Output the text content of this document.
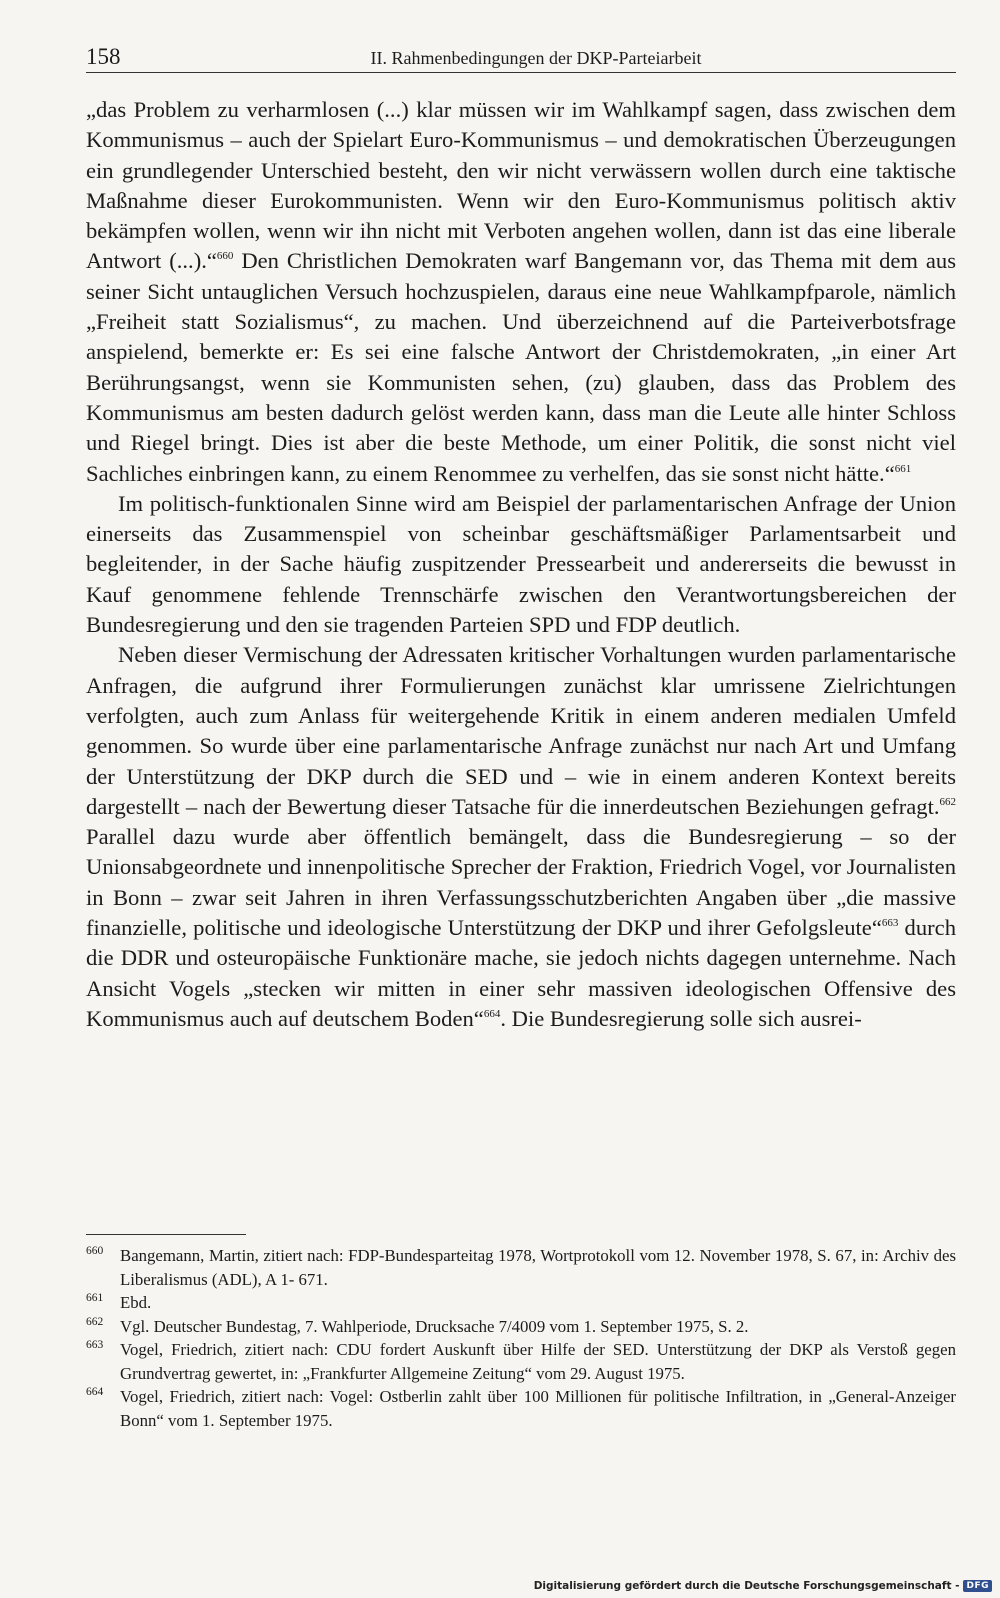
158	II. Rahmenbedingungen der DKP-Parteiarbeit

„das Problem zu verharmlosen (...) klar müssen wir im Wahlkampf sagen, dass zwischen dem Kommunismus – auch der Spielart Euro-Kommunismus – und demokratischen Überzeugungen ein grundlegender Unterschied besteht, den wir nicht verwässern wollen durch eine taktische Maßnahme dieser Eurokommunisten. Wenn wir den Euro-Kommunismus politisch aktiv bekämpfen wollen, wenn wir ihn nicht mit Verboten angehen wollen, dann ist das eine liberale Antwort (...).“$^{660}$ Den Christlichen Demokraten warf Bangemann vor, das Thema mit dem aus seiner Sicht untauglichen Versuch hochzuspielen, daraus eine neue Wahlkampfparole, nämlich „Freiheit statt Sozialismus“, zu machen. Und überzeichnend auf die Parteiverbotsfrage anspielend, bemerkte er: Es sei eine falsche Antwort der Christdemokraten, „in einer Art Berührungsangst, wenn sie Kommunisten sehen, (zu) glauben, dass das Problem des Kommunismus am besten dadurch gelöst werden kann, dass man die Leute alle hinter Schloss und Riegel bringt. Dies ist aber die beste Methode, um einer Politik, die sonst nicht viel Sachliches einbringen kann, zu einem Renommee zu verhelfen, das sie sonst nicht hätte.“$^{661}$

Im politisch-funktionalen Sinne wird am Beispiel der parlamentarischen Anfrage der Union einerseits das Zusammenspiel von scheinbar geschäftsmäßiger Parlamentsarbeit und begleitender, in der Sache häufig zuspitzender Pressearbeit und andererseits die bewusst in Kauf genommene fehlende Trennschärfe zwischen den Verantwortungsbereichen der Bundesregierung und den sie tragenden Parteien SPD und FDP deutlich.

Neben dieser Vermischung der Adressaten kritischer Vorhaltungen wurden parlamentarische Anfragen, die aufgrund ihrer Formulierungen zunächst klar umrissene Zielrichtungen verfolgten, auch zum Anlass für weitergehende Kritik in einem anderen medialen Umfeld genommen. So wurde über eine parlamentarische Anfrage zunächst nur nach Art und Umfang der Unterstützung der DKP durch die SED und – wie in einem anderen Kontext bereits dargestellt – nach der Bewertung dieser Tatsache für die innerdeutschen Beziehungen gefragt.$^{662}$ Parallel dazu wurde aber öffentlich bemängelt, dass die Bundesregierung – so der Unionsabgeordnete und innenpolitische Sprecher der Fraktion, Friedrich Vogel, vor Journalisten in Bonn – zwar seit Jahren in ihren Verfassungsschutzberichten Angaben über „die massive finanzielle, politische und ideologische Unterstützung der DKP und ihrer Gefolgsleute“$^{663}$ durch die DDR und osteuropäische Funktionäre mache, sie jedoch nichts dagegen unternehme. Nach Ansicht Vogels „stecken wir mitten in einer sehr massiven ideologischen Offensive des Kommunismus auch auf deutschem Boden“$^{664}$. Die Bundesregierung solle sich ausrei-

660 Bangemann, Martin, zitiert nach: FDP-Bundesparteitag 1978, Wortprotokoll vom 12. November 1978, S. 67, in: Archiv des Liberalismus (ADL), A 1- 671.

661 Ebd.

662 Vgl. Deutscher Bundestag, 7. Wahlperiode, Drucksache 7/4009 vom 1. September 1975, S. 2.

663 Vogel, Friedrich, zitiert nach: CDU fordert Auskunft über Hilfe der SED. Unterstützung der DKP als Verstoß gegen Grundvertrag gewertet, in: „Frankfurter Allgemeine Zeitung“ vom 29. August 1975.

664 Vogel, Friedrich, zitiert nach: Vogel: Ostberlin zahlt über 100 Millionen für politische Infiltration, in „General-Anzeiger Bonn“ vom 1. September 1975.

Digitalisierung gefördert durch die Deutsche Forschungsgemeinschaft - DFG
